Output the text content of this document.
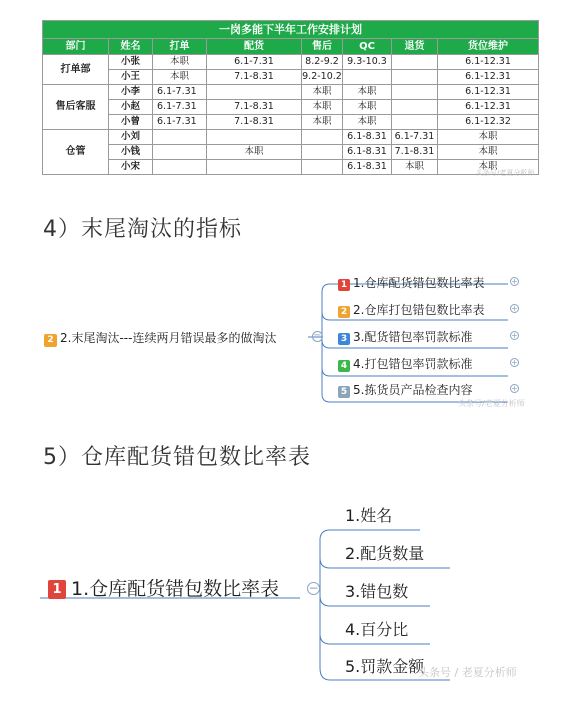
一岗多能下半年工作安排计划							
部门	姓名	打单	配货	售后	QC	退货	货位维护
打单部	小张	本职	6.1-7.31	8.2-9.2	9.3-10.3		6.1-12.31
	小王	本职	7.1-8.31	9.2-10.2			6.1-12.31
售后客服	小李	6.1-7.31		本职	本职		6.1-12.31
	小赵	6.1-7.31	7.1-8.31	本职	本职		6.1-12.31
	小曾	6.1-7.31	7.1-8.31	本职	本职		6.1-12.32
仓管	小刘				6.1-8.31	6.1-7.31	本职
	小钱		本职		6.1-8.31	7.1-8.31	本职
	小宋				6.1-8.31	本职	本职
头条号/老夏分析师
4）末尾淘汰的指标
2 2.末尾淘汰---连续两月错误最多的做淘汰	−
1 1.仓库配货错包数比率表	+
2 2.仓库打包错包数比率表	+
3 3.配货错包率罚款标准	+
4 4.打包错包率罚款标准	+
5 5.拣货员产品检查内容	+
头条号/老夏分析师
5）仓库配货错包数比率表
1 1.仓库配货错包数比率表 −
1.姓名
2.配货数量
3.错包数
4.百分比
5.罚款金额
头条号 / 老夏分析师
